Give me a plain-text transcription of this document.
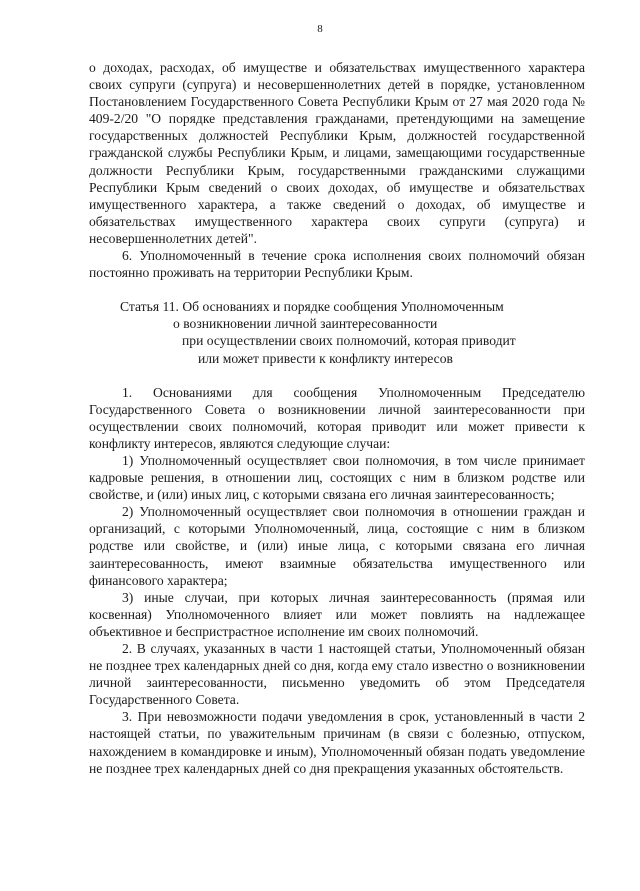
8

о доходах, расходах, об имуществе и обязательствах имущественного характера своих супруги (супруга) и несовершеннолетних детей в порядке, установленном Постановлением Государственного Совета Республики Крым от 27 мая 2020 года № 409-2/20 "О порядке представления гражданами, претендующими на замещение государственных должностей Республики Крым, должностей государственной гражданской службы Республики Крым, и лицами, замещающими государственные должности Республики Крым, государственными гражданскими служащими Республики Крым сведений о своих доходах, об имуществе и обязательствах имущественного характера, а также сведений о доходах, об имуществе и обязательствах имущественного характера своих супруги (супруга) и несовершеннолетних детей".

6. Уполномоченный в течение срока исполнения своих полномочий обязан постоянно проживать на территории Республики Крым.

Статья 11. Об основаниях и порядке сообщения Уполномоченным
о возникновении личной заинтересованности
при осуществлении своих полномочий, которая приводит
или может привести к конфликту интересов

1. Основаниями для сообщения Уполномоченным Председателю Государственного Совета о возникновении личной заинтересованности при осуществлении своих полномочий, которая приводит или может привести к конфликту интересов, являются следующие случаи:

1) Уполномоченный осуществляет свои полномочия, в том числе принимает кадровые решения, в отношении лиц, состоящих с ним в близком родстве или свойстве, и (или) иных лиц, с которыми связана его личная заинтересованность;

2) Уполномоченный осуществляет свои полномочия в отношении граждан и организаций, с которыми Уполномоченный, лица, состоящие с ним в близком родстве или свойстве, и (или) иные лица, с которыми связана его личная заинтересованность, имеют взаимные обязательства имущественного или финансового характера;

3) иные случаи, при которых личная заинтересованность (прямая или косвенная) Уполномоченного влияет или может повлиять на надлежащее объективное и беспристрастное исполнение им своих полномочий.

2. В случаях, указанных в части 1 настоящей статьи, Уполномоченный обязан не позднее трех календарных дней со дня, когда ему стало известно о возникновении личной заинтересованности, письменно уведомить об этом Председателя Государственного Совета.

3. При невозможности подачи уведомления в срок, установленный в части 2 настоящей статьи, по уважительным причинам (в связи с болезнью, отпуском, нахождением в командировке и иным), Уполномоченный обязан подать уведомление не позднее трех календарных дней со дня прекращения указанных обстоятельств.
